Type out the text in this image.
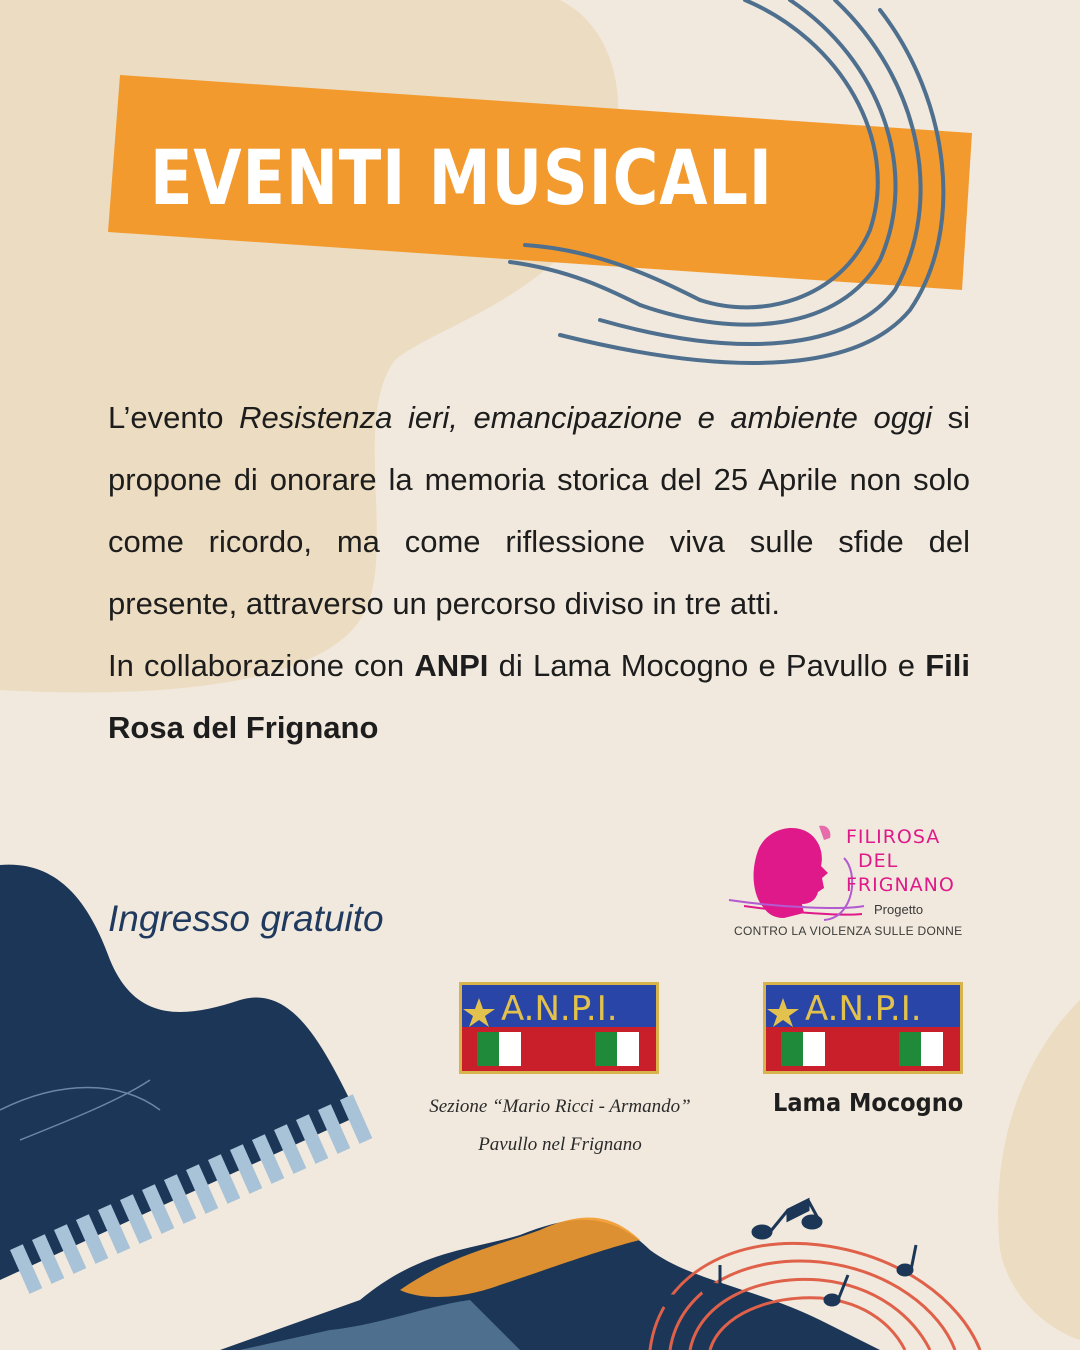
EVENTI MUSICALI

L’evento Resistenza ieri, emancipazione e ambiente oggi si propone di onorare la memoria storica del 25 Aprile non solo come ricordo, ma come riflessione viva sulle sfide del presente, attraverso un percorso diviso in tre atti.

In collaborazione con ANPI di Lama Mocogno e Pavullo e Fili Rosa del Frignano

Ingresso gratuito

FILIROSA
DEL
FRIGNANO
Progetto
CONTRO LA VIOLENZA SULLE DONNE
A.N.P.I.
Sezione “Mario Ricci - Armando”
Pavullo nel Frignano
A.N.P.I.
Lama Mocogno
